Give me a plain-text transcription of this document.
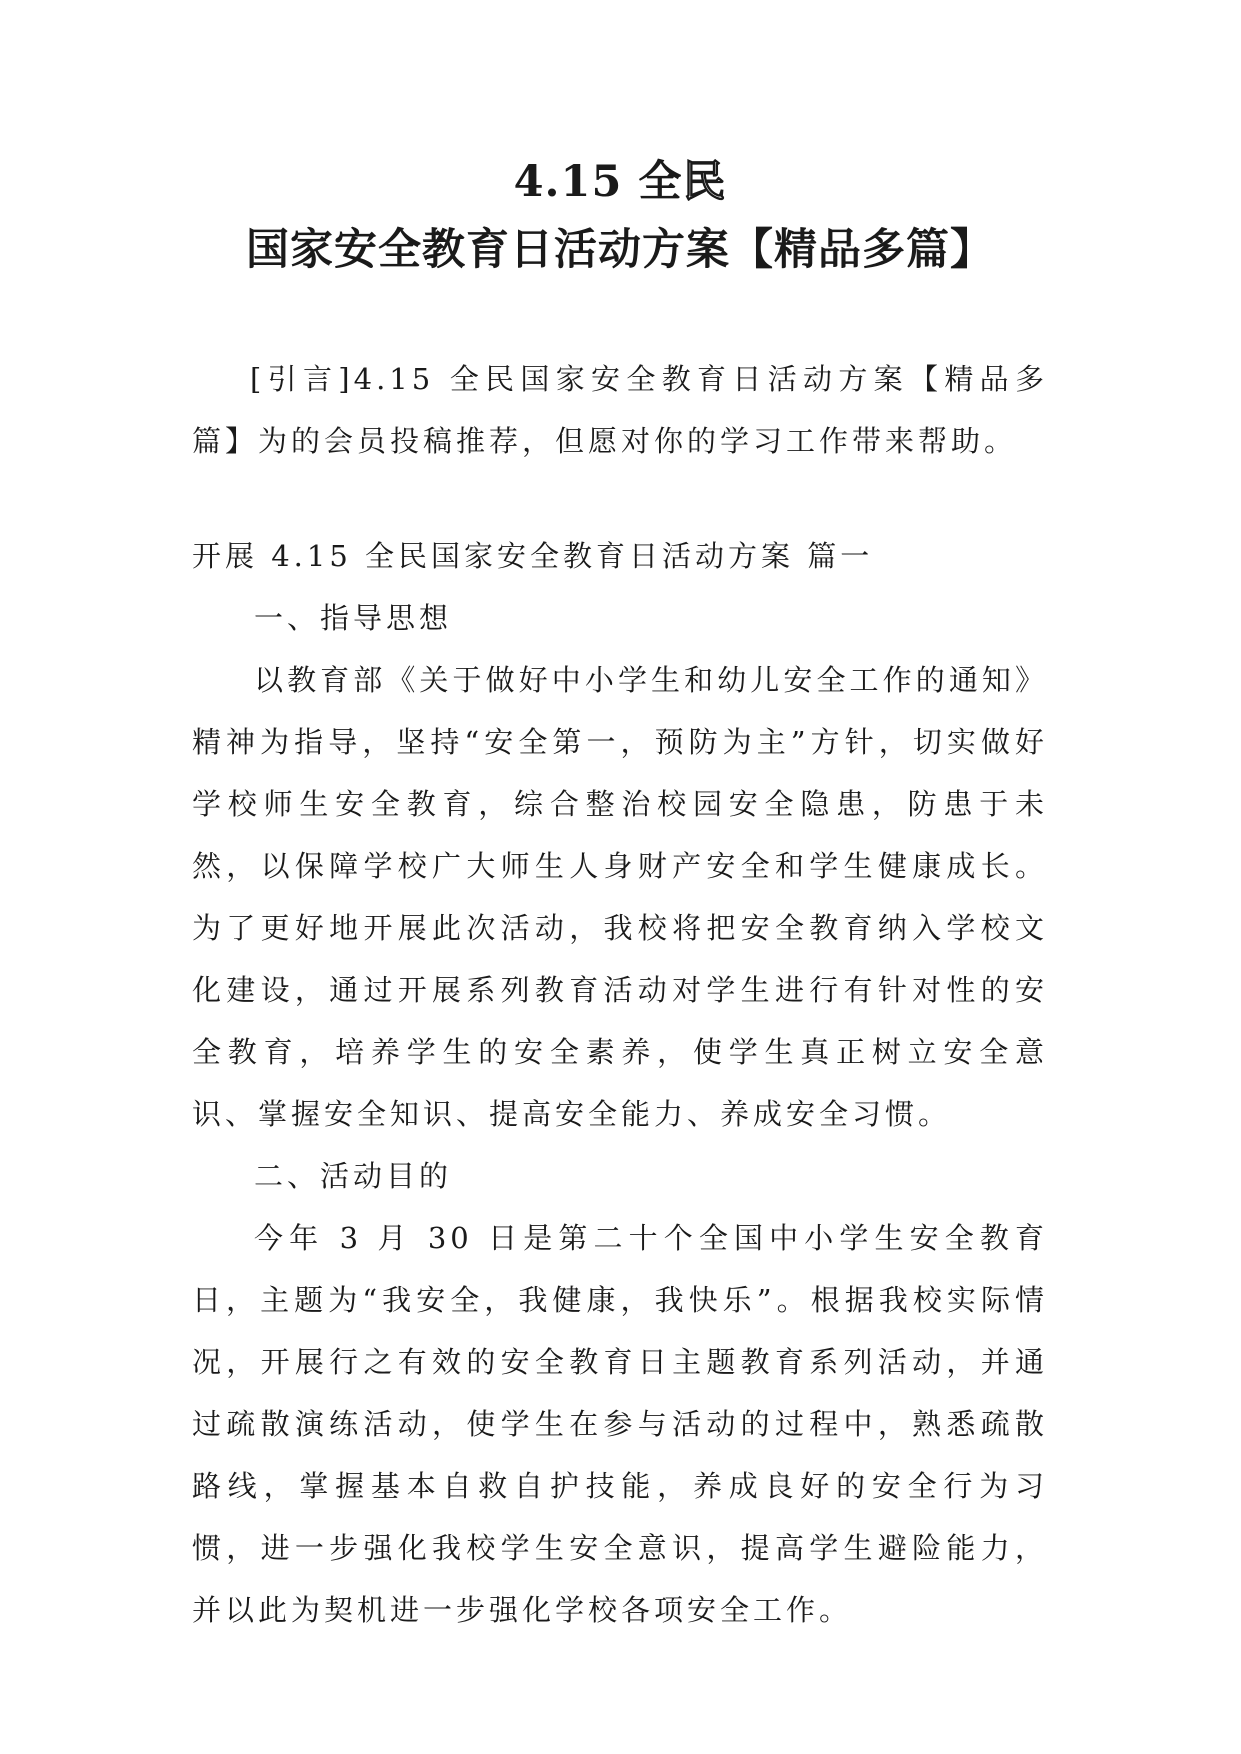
4.15 全民国家安全教育日活动方案【精品多篇】

[引言]4.15 全民国家安全教育日活动方案【精品多篇】为的会员投稿推荐，但愿对你的学习工作带来帮助。

开展 4.15 全民国家安全教育日活动方案 篇一

一、指导思想

以教育部《关于做好中小学生和幼儿安全工作的通知》精神为指导，坚持“安全第一，预防为主”方针，切实做好学校师生安全教育，综合整治校园安全隐患，防患于未然，以保障学校广大师生人身财产安全和学生健康成长。为了更好地开展此次活动，我校将把安全教育纳入学校文化建设，通过开展系列教育活动对学生进行有针对性的安全教育，培养学生的安全素养，使学生真正树立安全意识、掌握安全知识、提高安全能力、养成安全习惯。

二、活动目的

今年 3 月 30 日是第二十个全国中小学生安全教育日，主题为“我安全，我健康，我快乐”。根据我校实际情况，开展行之有效的安全教育日主题教育系列活动，并通过疏散演练活动，使学生在参与活动的过程中，熟悉疏散路线，掌握基本自救自护技能，养成良好的安全行为习惯，进一步强化我校学生安全意识，提高学生避险能力，并以此为契机进一步强化学校各项安全工作。
